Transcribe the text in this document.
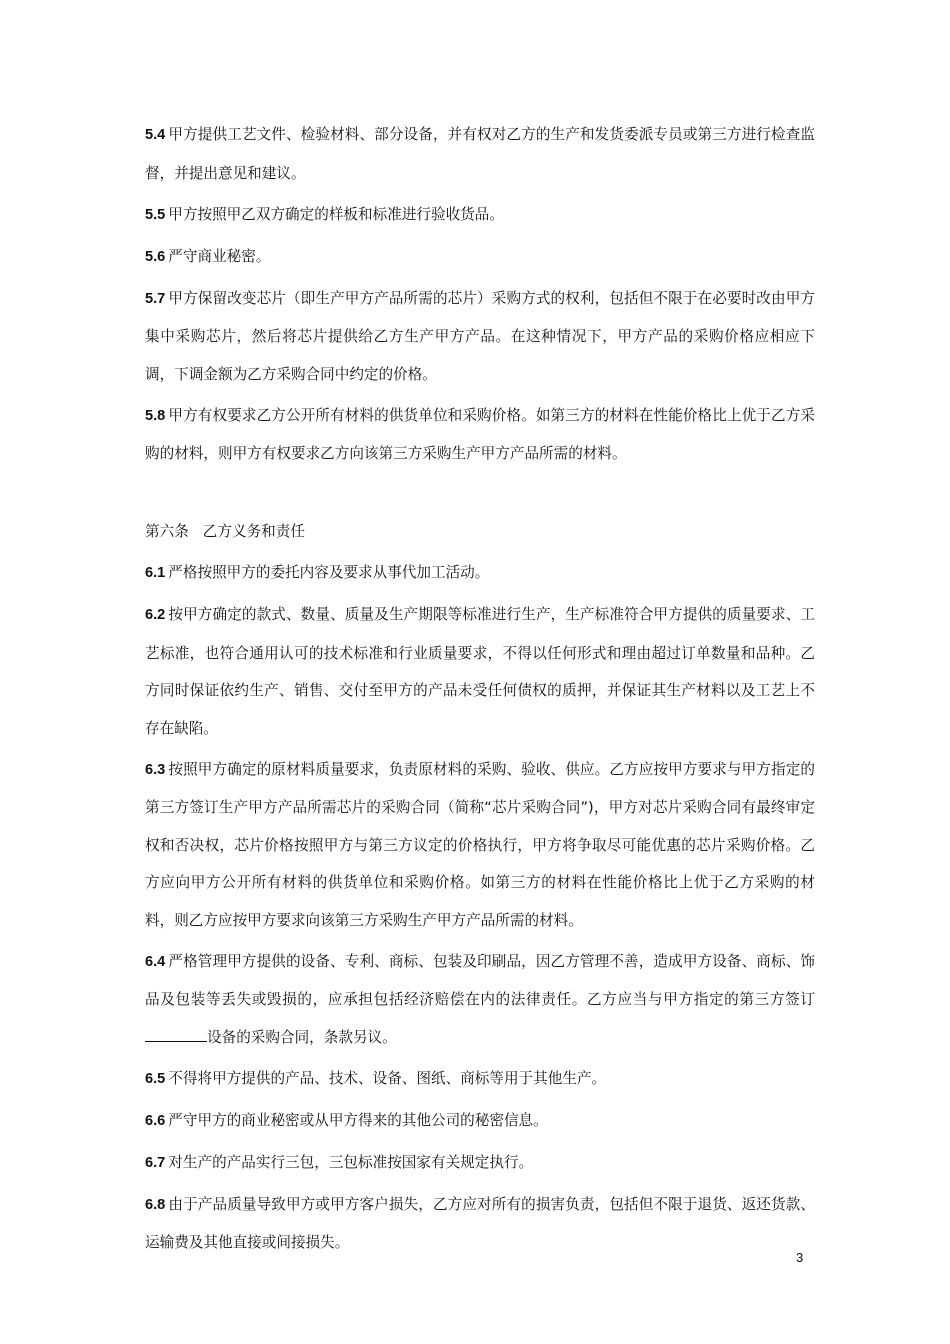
5.4 甲方提供工艺文件、检验材料、部分设备，并有权对乙方的生产和发货委派专员或第三方进行检查监督，并提出意见和建议。

5.5 甲方按照甲乙双方确定的样板和标准进行验收货品。

5.6 严守商业秘密。

5.7 甲方保留改变芯片（即生产甲方产品所需的芯片）采购方式的权利，包括但不限于在必要时改由甲方集中采购芯片，然后将芯片提供给乙方生产甲方产品。在这种情况下，甲方产品的采购价格应相应下调，下调金额为乙方采购合同中约定的价格。

5.8 甲方有权要求乙方公开所有材料的供货单位和采购价格。如第三方的材料在性能价格比上优于乙方采购的材料，则甲方有权要求乙方向该第三方采购生产甲方产品所需的材料。

第六条 乙方义务和责任

6.1 严格按照甲方的委托内容及要求从事代加工活动。

6.2 按甲方确定的款式、数量、质量及生产期限等标准进行生产，生产标准符合甲方提供的质量要求、工艺标准，也符合通用认可的技术标准和行业质量要求，不得以任何形式和理由超过订单数量和品种。乙方同时保证依约生产、销售、交付至甲方的产品未受任何债权的质押，并保证其生产材料以及工艺上不存在缺陷。

6.3 按照甲方确定的原材料质量要求，负责原材料的采购、验收、供应。乙方应按甲方要求与甲方指定的第三方签订生产甲方产品所需芯片的采购合同（简称“芯片采购合同”)，甲方对芯片采购合同有最终审定权和否决权，芯片价格按照甲方与第三方议定的价格执行，甲方将争取尽可能优惠的芯片采购价格。乙方应向甲方公开所有材料的供货单位和采购价格。如第三方的材料在性能价格比上优于乙方采购的材料，则乙方应按甲方要求向该第三方采购生产甲方产品所需的材料。

6.4 严格管理甲方提供的设备、专利、商标、包装及印刷品，因乙方管理不善，造成甲方设备、商标、饰品及包装等丢失或毁损的，应承担包括经济赔偿在内的法律责任。乙方应当与甲方指定的第三方签订设备的采购合同，条款另议。

6.5 不得将甲方提供的产品、技术、设备、图纸、商标等用于其他生产。

6.6 严守甲方的商业秘密或从甲方得来的其他公司的秘密信息。

6.7 对生产的产品实行三包，三包标准按国家有关规定执行。

6.8 由于产品质量导致甲方或甲方客户损失，乙方应对所有的损害负责，包括但不限于退货、返还货款、运输费及其他直接或间接损失。

3
